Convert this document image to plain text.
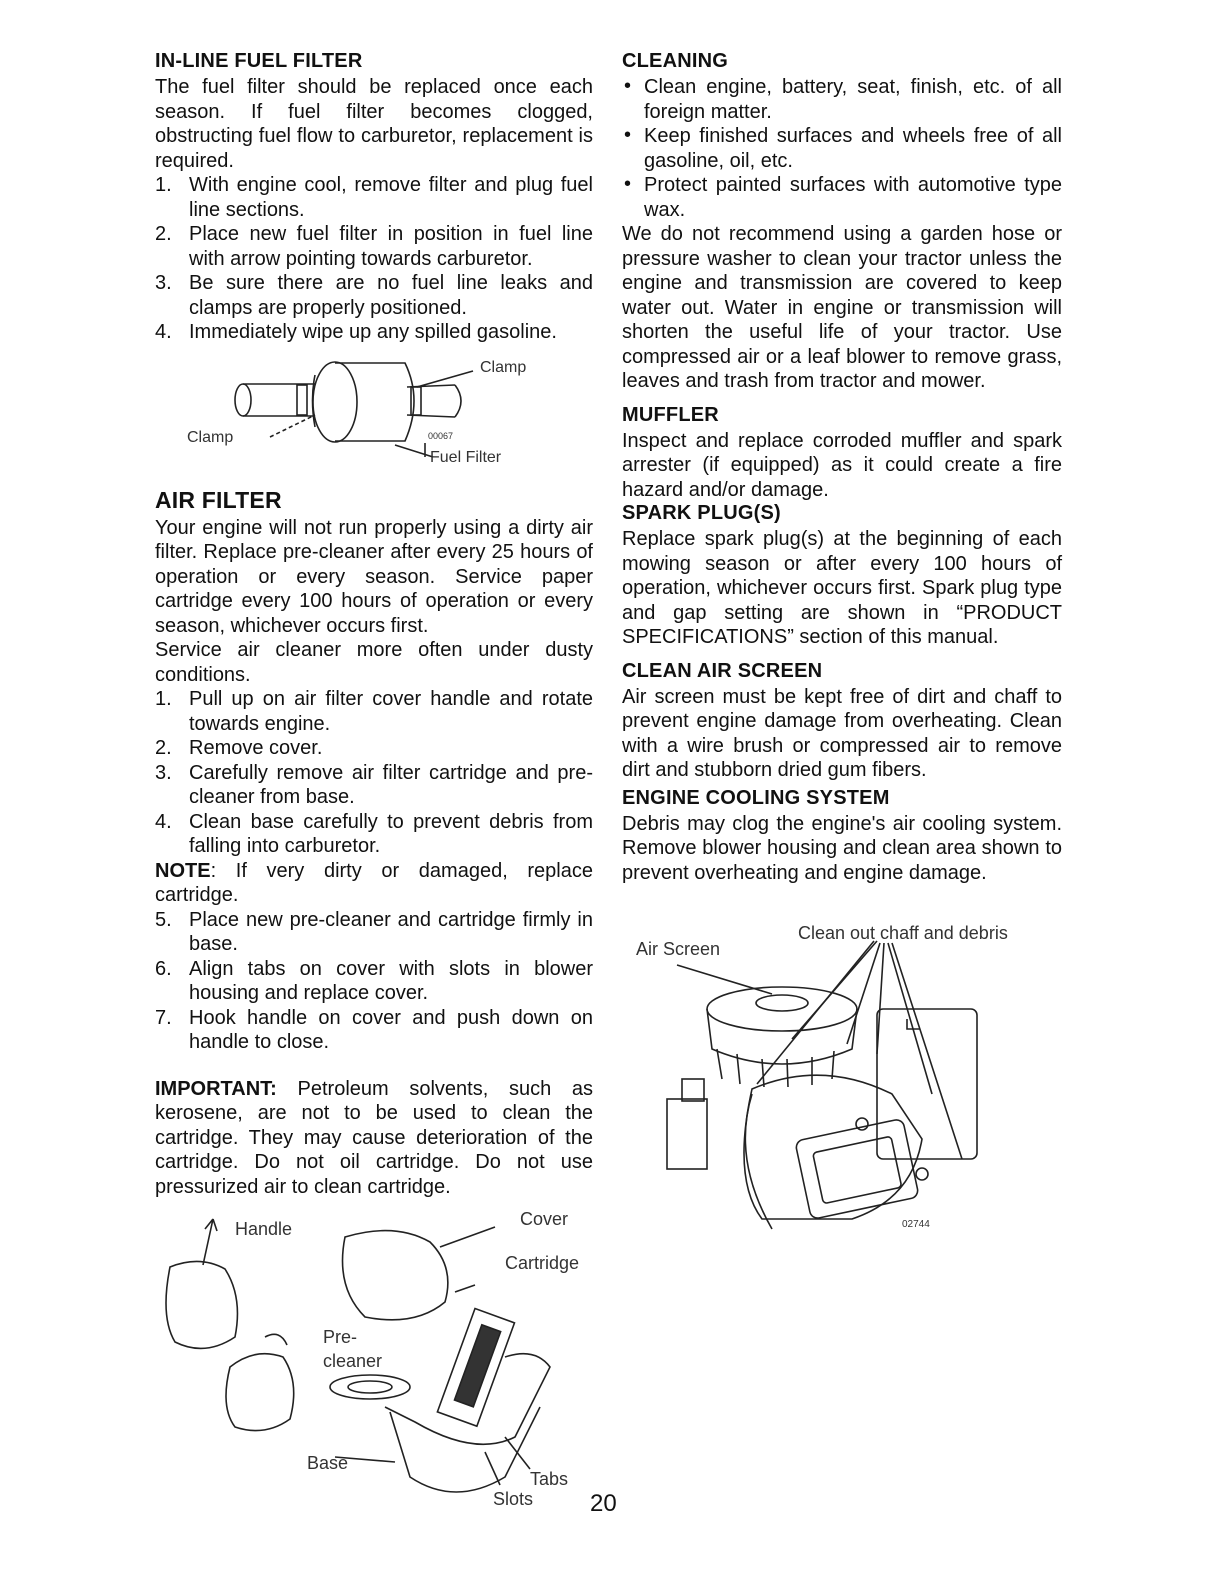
IN-LINE FUEL FILTER

The fuel filter should be replaced once each season. If fuel filter becomes clogged, obstructing fuel flow to carburetor, replacement is required.

1. With engine cool, remove filter and plug fuel line sections.
2. Place new fuel filter in position in fuel line with arrow pointing towards carburetor.
3. Be sure there are no fuel line leaks and clamps are properly positioned.
4. Immediately wipe up any spilled gasoline.
Clamp
Clamp
Fuel Filter
00067
AIR FILTER

Your engine will not run properly using a dirty air filter. Replace pre-cleaner after every 25 hours of operation or every season. Service paper cartridge every 100 hours of operation or every season, whichever occurs first.

Service air cleaner more often under dusty conditions.

1. Pull up on air filter cover handle and rotate towards engine.
2. Remove cover.
3. Carefully remove air filter cartridge and pre-cleaner from base.
4. Clean base carefully to prevent debris from falling into carburetor.

NOTE: If very dirty or damaged, replace cartridge.

5. Place new pre-cleaner and cartridge firmly in base.
6. Align tabs on cover with slots in blower housing and replace cover.
7. Hook handle on cover and push down on handle to close.

IMPORTANT: Petroleum solvents, such as kerosene, are not to be used to clean the cartridge. They may cause deterioration of the cartridge. Do not oil cartridge. Do not use pressurized air to clean cartridge.

Handle	Cover
Cartridge
Pre-
cleaner
Base
Tabs
Slots
CLEANING
• Clean engine, battery, seat, finish, etc. of all foreign matter.
• Keep finished surfaces and wheels free of all gasoline, oil, etc.
• Protect painted surfaces with automotive type wax.

We do not recommend using a garden hose or pressure washer to clean your tractor unless the engine and transmission are covered to keep water out. Water in engine or transmission will shorten the useful life of your tractor. Use compressed air or a leaf blower to remove grass, leaves and trash from tractor and mower.

MUFFLER

Inspect and replace corroded muffler and spark arrester (if equipped) as it could create a fire hazard and/or damage.

SPARK PLUG(S)

Replace spark plug(s) at the beginning of each mowing season or after every 100 hours of operation, whichever occurs first. Spark plug type and gap setting are shown in “PRODUCT SPECIFICATIONS” section of this manual.

CLEAN AIR SCREEN

Air screen must be kept free of dirt and chaff to prevent engine damage from overheating. Clean with a wire brush or compressed air to remove dirt and stubborn dried gum fibers.

ENGINE COOLING SYSTEM

Debris may clog the engine's air cooling system. Remove blower housing and clean area shown to prevent overheating and engine damage.

Air Screen
Clean out chaff and debris
02744
20
